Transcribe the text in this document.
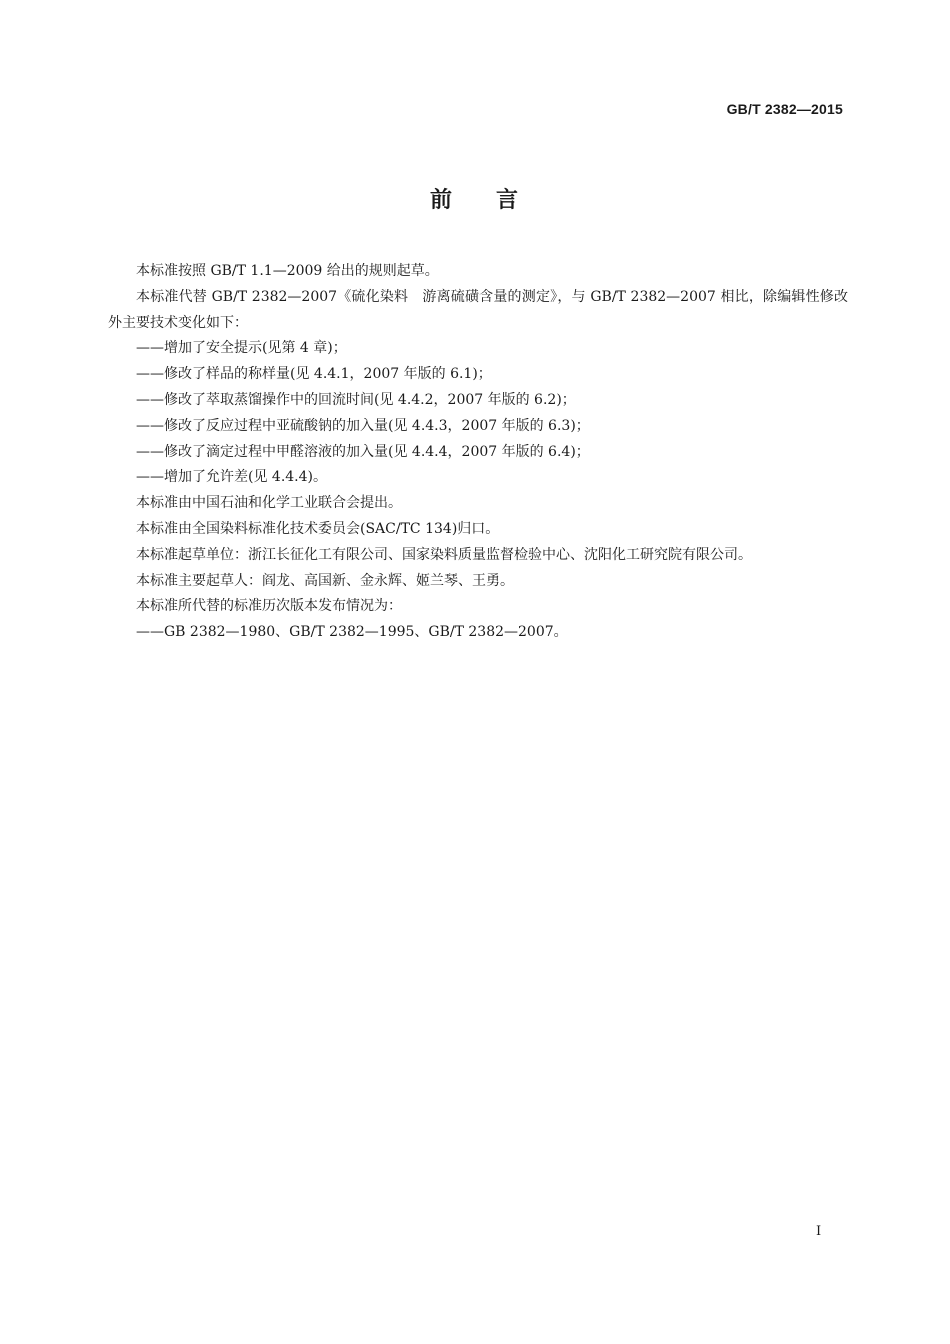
GB/T 2382—2015
前 言

本标准按照 GB/T 1.1—2009 给出的规则起草。

本标准代替 GB/T 2382—2007《硫化染料　游离硫磺含量的测定》，与 GB/T 2382—2007 相比，除编辑性修改外主要技术变化如下：

——增加了安全提示(见第 4 章)；

——修改了样品的称样量(见 4.4.1，2007 年版的 6.1)；

——修改了萃取蒸馏操作中的回流时间(见 4.4.2，2007 年版的 6.2)；

——修改了反应过程中亚硫酸钠的加入量(见 4.4.3，2007 年版的 6.3)；

——修改了滴定过程中甲醛溶液的加入量(见 4.4.4，2007 年版的 6.4)；

——增加了允许差(见 4.4.4)。

本标准由中国石油和化学工业联合会提出。

本标准由全国染料标准化技术委员会(SAC/TC 134)归口。

本标准起草单位：浙江长征化工有限公司、国家染料质量监督检验中心、沈阳化工研究院有限公司。

本标准主要起草人：阎龙、高国新、金永辉、姬兰琴、王勇。

本标准所代替的标准历次版本发布情况为：

——GB 2382—1980、GB/T 2382—1995、GB/T 2382—2007。

I
